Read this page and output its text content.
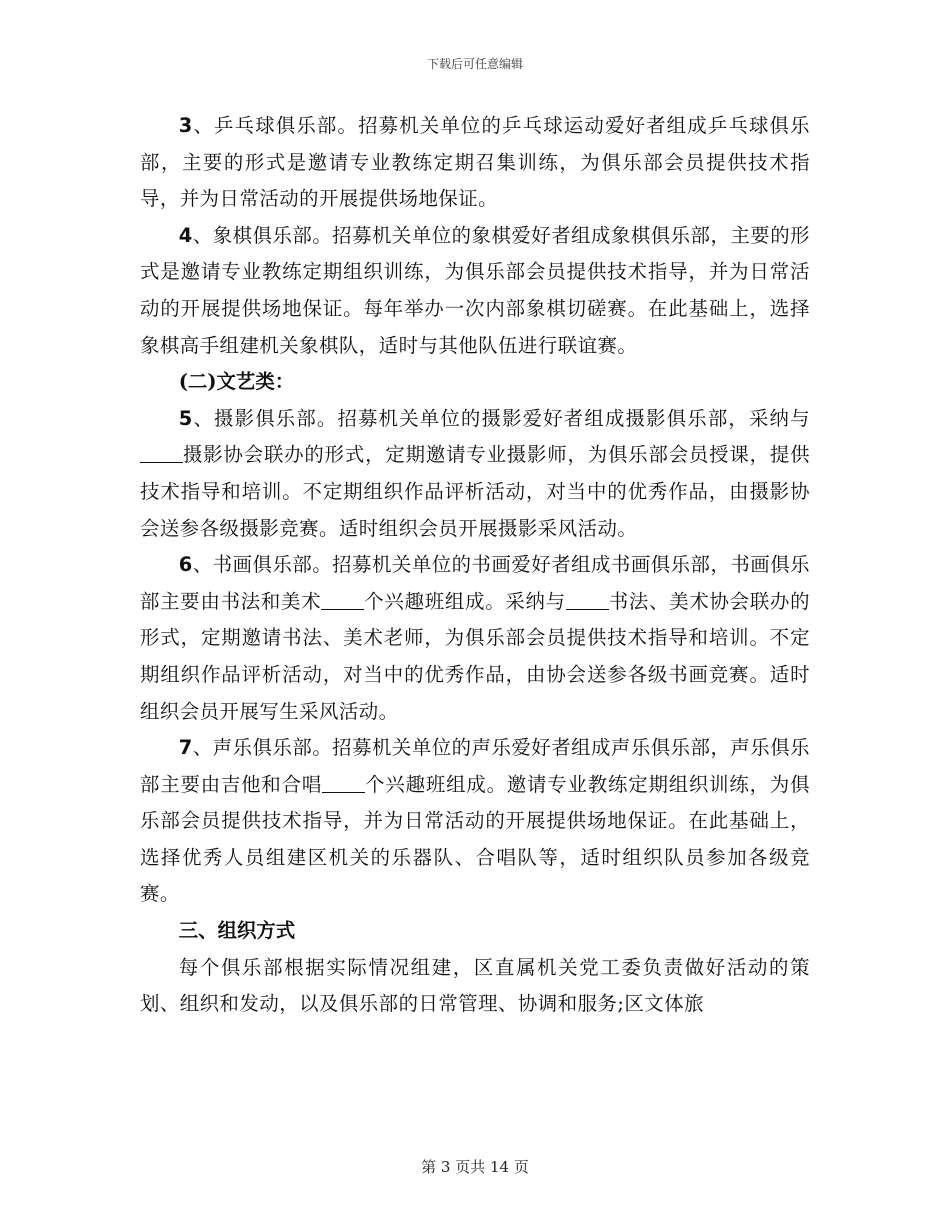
下载后可任意编辑

3、乒乓球俱乐部。招募机关单位的乒乓球运动爱好者组成乒乓球俱乐部，主要的形式是邀请专业教练定期召集训练，为俱乐部会员提供技术指导，并为日常活动的开展提供场地保证。

4、象棋俱乐部。招募机关单位的象棋爱好者组成象棋俱乐部，主要的形式是邀请专业教练定期组织训练，为俱乐部会员提供技术指导，并为日常活动的开展提供场地保证。每年举办一次内部象棋切磋赛。在此基础上，选择象棋高手组建机关象棋队，适时与其他队伍进行联谊赛。

(二)文艺类：

5、摄影俱乐部。招募机关单位的摄影爱好者组成摄影俱乐部，采纳与摄影协会联办的形式，定期邀请专业摄影师，为俱乐部会员授课，提供技术指导和培训。不定期组织作品评析活动，对当中的优秀作品，由摄影协会送参各级摄影竞赛。适时组织会员开展摄影采风活动。

6、书画俱乐部。招募机关单位的书画爱好者组成书画俱乐部，书画俱乐部主要由书法和美术 个兴趣班组成。采纳与 书法、美术协会联办的形式，定期邀请书法、美术老师，为俱乐部会员提供技术指导和培训。不定期组织作品评析活动，对当中的优秀作品，由协会送参各级书画竞赛。适时组织会员开展写生采风活动。

7、声乐俱乐部。招募机关单位的声乐爱好者组成声乐俱乐部，声乐俱乐部主要由吉他和合唱 个兴趣班组成。邀请专业教练定期组织训练，为俱乐部会员提供技术指导，并为日常活动的开展提供场地保证。在此基础上，选择优秀人员组建区机关的乐器队、合唱队等，适时组织队员参加各级竞赛。

三、组织方式

每个俱乐部根据实际情况组建，区直属机关党工委负责做好活动的策划、组织和发动，以及俱乐部的日常管理、协调和服务;区文体旅

第 3 页共 14 页
